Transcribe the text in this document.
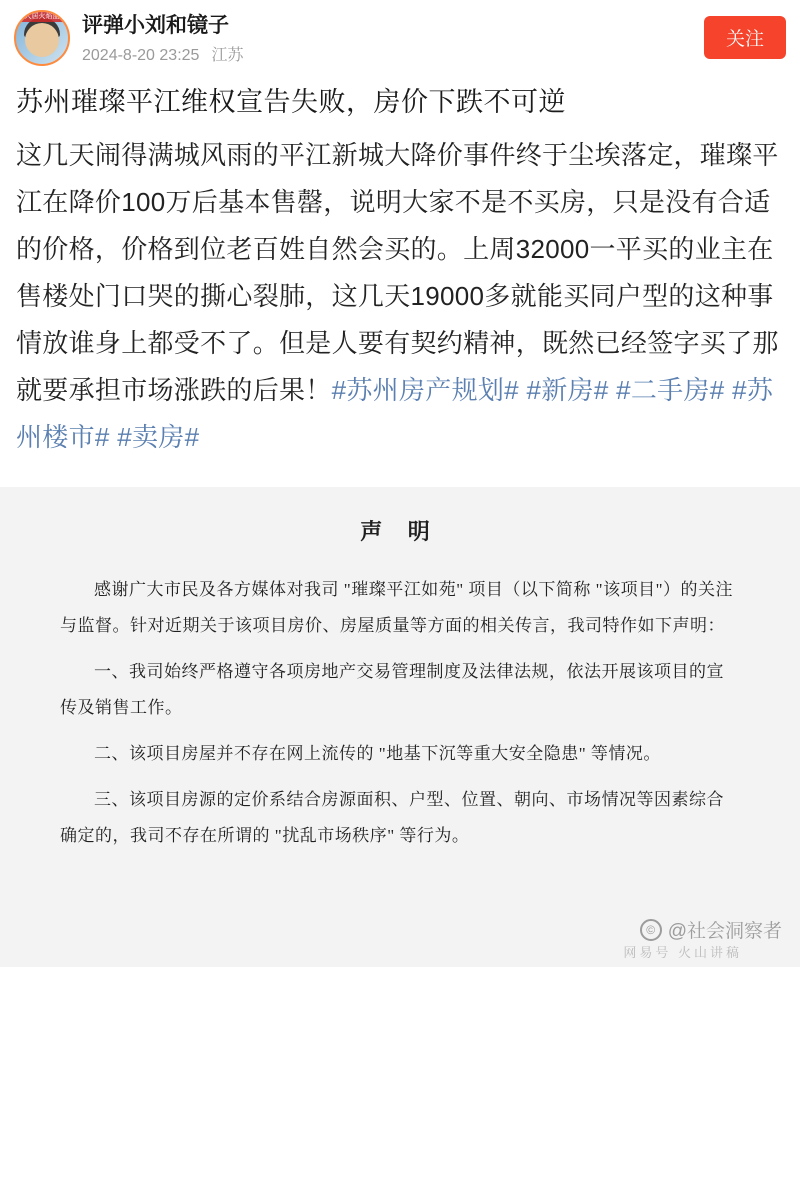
人居火焰蓝	评弹小刘和镜子
2024-8-20 23:25 江苏
关注
苏州璀璨平江维权宣告失败，房价下跌不可逆
这几天闹得满城风雨的平江新城大降价事件终于尘埃落定，璀璨平江在降价100万后基本售罄，说明大家不是不买房，只是没有合适的价格，价格到位老百姓自然会买的。上周32000一平买的业主在售楼处门口哭的撕心裂肺，这几天19000多就能买同户型的这种事情放谁身上都受不了。但是人要有契约精神，既然已经签字买了那就要承担市场涨跌的后果！#苏州房产规划# #新房# #二手房# #苏州楼市# #卖房#
声 明

感谢广大市民及各方媒体对我司 "璀璨平江如苑" 项目（以下简称 "该项目"）的关注与监督。针对近期关于该项目房价、房屋质量等方面的相关传言，我司特作如下声明：

一、我司始终严格遵守各项房地产交易管理制度及法律法规，依法开展该项目的宣传及销售工作。

二、该项目房屋并不存在网上流传的 "地基下沉等重大安全隐患" 等情况。

三、该项目房源的定价系结合房源面积、户型、位置、朝向、市场情况等因素综合确定的，我司不存在所谓的 "扰乱市场秩序" 等行为。

© @社会洞察者
网易号 火山讲稿
